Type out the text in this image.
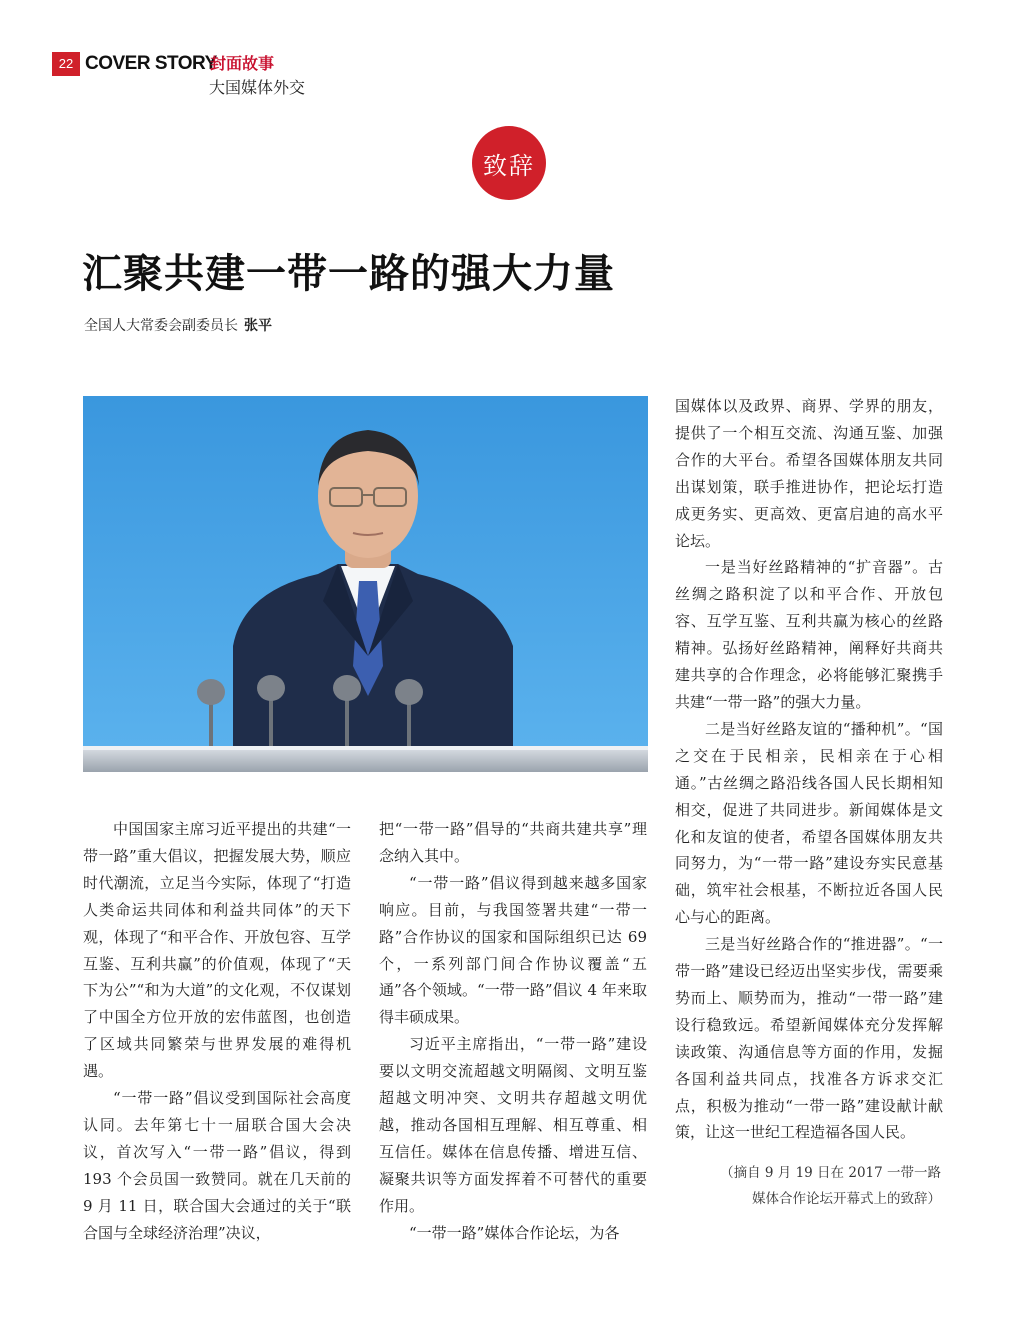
22 COVER STORY
封面故事
大国媒体外交
致辞
汇聚共建一带一路的强大力量
全国人大常委会副委员长 张平

中国国家主席习近平提出的共建“一带一路”重大倡议，把握发展大势，顺应时代潮流，立足当今实际，体现了“打造人类命运共同体和利益共同体”的天下观，体现了“和平合作、开放包容、互学互鉴、互利共赢”的价值观，体现了“天下为公”“和为大道”的文化观，不仅谋划了中国全方位开放的宏伟蓝图，也创造了区域共同繁荣与世界发展的难得机遇。

“一带一路”倡议受到国际社会高度认同。去年第七十一届联合国大会决议，首次写入“一带一路”倡议，得到 193 个会员国一致赞同。就在几天前的 9 月 11 日，联合国大会通过的关于“联合国与全球经济治理”决议，

把“一带一路”倡导的“共商共建共享”理念纳入其中。

“一带一路”倡议得到越来越多国家响应。目前，与我国签署共建“一带一路”合作协议的国家和国际组织已达 69 个，一系列部门间合作协议覆盖“五通”各个领域。“一带一路”倡议 4 年来取得丰硕成果。

习近平主席指出，“一带一路”建设要以文明交流超越文明隔阂、文明互鉴超越文明冲突、文明共存超越文明优越，推动各国相互理解、相互尊重、相互信任。媒体在信息传播、增进互信、凝聚共识等方面发挥着不可替代的重要作用。

“一带一路”媒体合作论坛，为各

国媒体以及政界、商界、学界的朋友，提供了一个相互交流、沟通互鉴、加强合作的大平台。希望各国媒体朋友共同出谋划策，联手推进协作，把论坛打造成更务实、更高效、更富启迪的高水平论坛。

一是当好丝路精神的“扩音器”。古丝绸之路积淀了以和平合作、开放包容、互学互鉴、互利共赢为核心的丝路精神。弘扬好丝路精神，阐释好共商共建共享的合作理念，必将能够汇聚携手共建“一带一路”的强大力量。

二是当好丝路友谊的“播种机”。“国之交在于民相亲，民相亲在于心相通。”古丝绸之路沿线各国人民长期相知相交，促进了共同进步。新闻媒体是文化和友谊的使者，希望各国媒体朋友共同努力，为“一带一路”建设夯实民意基础，筑牢社会根基，不断拉近各国人民心与心的距离。

三是当好丝路合作的“推进器”。“一带一路”建设已经迈出坚实步伐，需要乘势而上、顺势而为，推动“一带一路”建设行稳致远。希望新闻媒体充分发挥解读政策、沟通信息等方面的作用，发掘各国利益共同点，找准各方诉求交汇点，积极为推动“一带一路”建设献计献策，让这一世纪工程造福各国人民。

（摘自 9 月 19 日在 2017 一带一路
媒体合作论坛开幕式上的致辞）
